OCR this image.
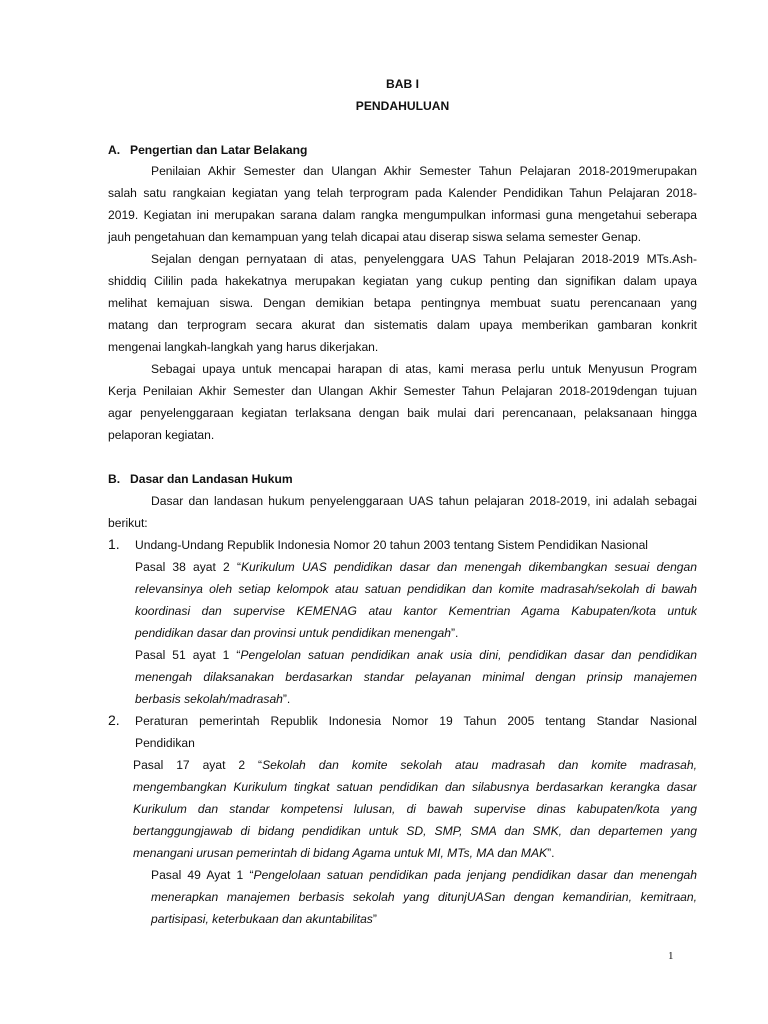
BAB I
PENDAHULUAN
A. Pengertian dan Latar Belakang
Penilaian Akhir Semester dan Ulangan Akhir Semester Tahun Pelajaran 2018-2019merupakan
salah satu rangkaian kegiatan yang telah terprogram pada Kalender Pendidikan Tahun Pelajaran 2018-
2019. Kegiatan ini merupakan sarana dalam rangka mengumpulkan informasi guna mengetahui seberapa
jauh pengetahuan dan kemampuan yang telah dicapai atau diserap siswa selama semester Genap.
Sejalan dengan pernyataan di atas, penyelenggara UAS Tahun Pelajaran 2018-2019 MTs.Ash-
shiddiq Cililin pada hakekatnya merupakan kegiatan yang cukup penting dan signifikan dalam upaya
melihat kemajuan siswa. Dengan demikian betapa pentingnya membuat suatu perencanaan yang
matang dan terprogram secara akurat dan sistematis dalam upaya memberikan gambaran konkrit
mengenai langkah-langkah yang harus dikerjakan.
Sebagai upaya untuk mencapai harapan di atas, kami merasa perlu untuk Menyusun Program
Kerja Penilaian Akhir Semester dan Ulangan Akhir Semester Tahun Pelajaran 2018-2019dengan tujuan
agar penyelenggaraan kegiatan terlaksana dengan baik mulai dari perencanaan, pelaksanaan hingga
pelaporan kegiatan.
B. Dasar dan Landasan Hukum
Dasar dan landasan hukum penyelenggaraan UAS tahun pelajaran 2018-2019, ini adalah sebagai
berikut:
1. Undang-Undang Republik Indonesia Nomor 20 tahun 2003 tentang Sistem Pendidikan Nasional
Pasal 38 ayat 2 “Kurikulum UAS pendidikan dasar dan menengah dikembangkan sesuai dengan
relevansinya oleh setiap kelompok atau satuan pendidikan dan komite madrasah/sekolah di bawah
koordinasi dan supervise KEMENAG atau kantor Kementrian Agama Kabupaten/kota untuk
pendidikan dasar dan provinsi untuk pendidikan menengah”.
Pasal 51 ayat 1 “Pengelolan satuan pendidikan anak usia dini, pendidikan dasar dan pendidikan
menengah dilaksanakan berdasarkan standar pelayanan minimal dengan prinsip manajemen
berbasis sekolah/madrasah”.
2. Peraturan pemerintah Republik Indonesia Nomor 19 Tahun 2005 tentang Standar Nasional
Pendidikan
Pasal 17 ayat 2 “Sekolah dan komite sekolah atau madrasah dan komite madrasah,
mengembangkan Kurikulum tingkat satuan pendidikan dan silabusnya berdasarkan kerangka dasar
Kurikulum dan standar kompetensi lulusan, di bawah supervise dinas kabupaten/kota yang
bertanggungjawab di bidang pendidikan untuk SD, SMP, SMA dan SMK, dan departemen yang
menangani urusan pemerintah di bidang Agama untuk MI, MTs, MA dan MAK”.
Pasal 49 Ayat 1 “Pengelolaan satuan pendidikan pada jenjang pendidikan dasar dan menengah
menerapkan manajemen berbasis sekolah yang ditunjUASan dengan kemandirian, kemitraan,
partisipasi, keterbukaan dan akuntabilitas”
1
